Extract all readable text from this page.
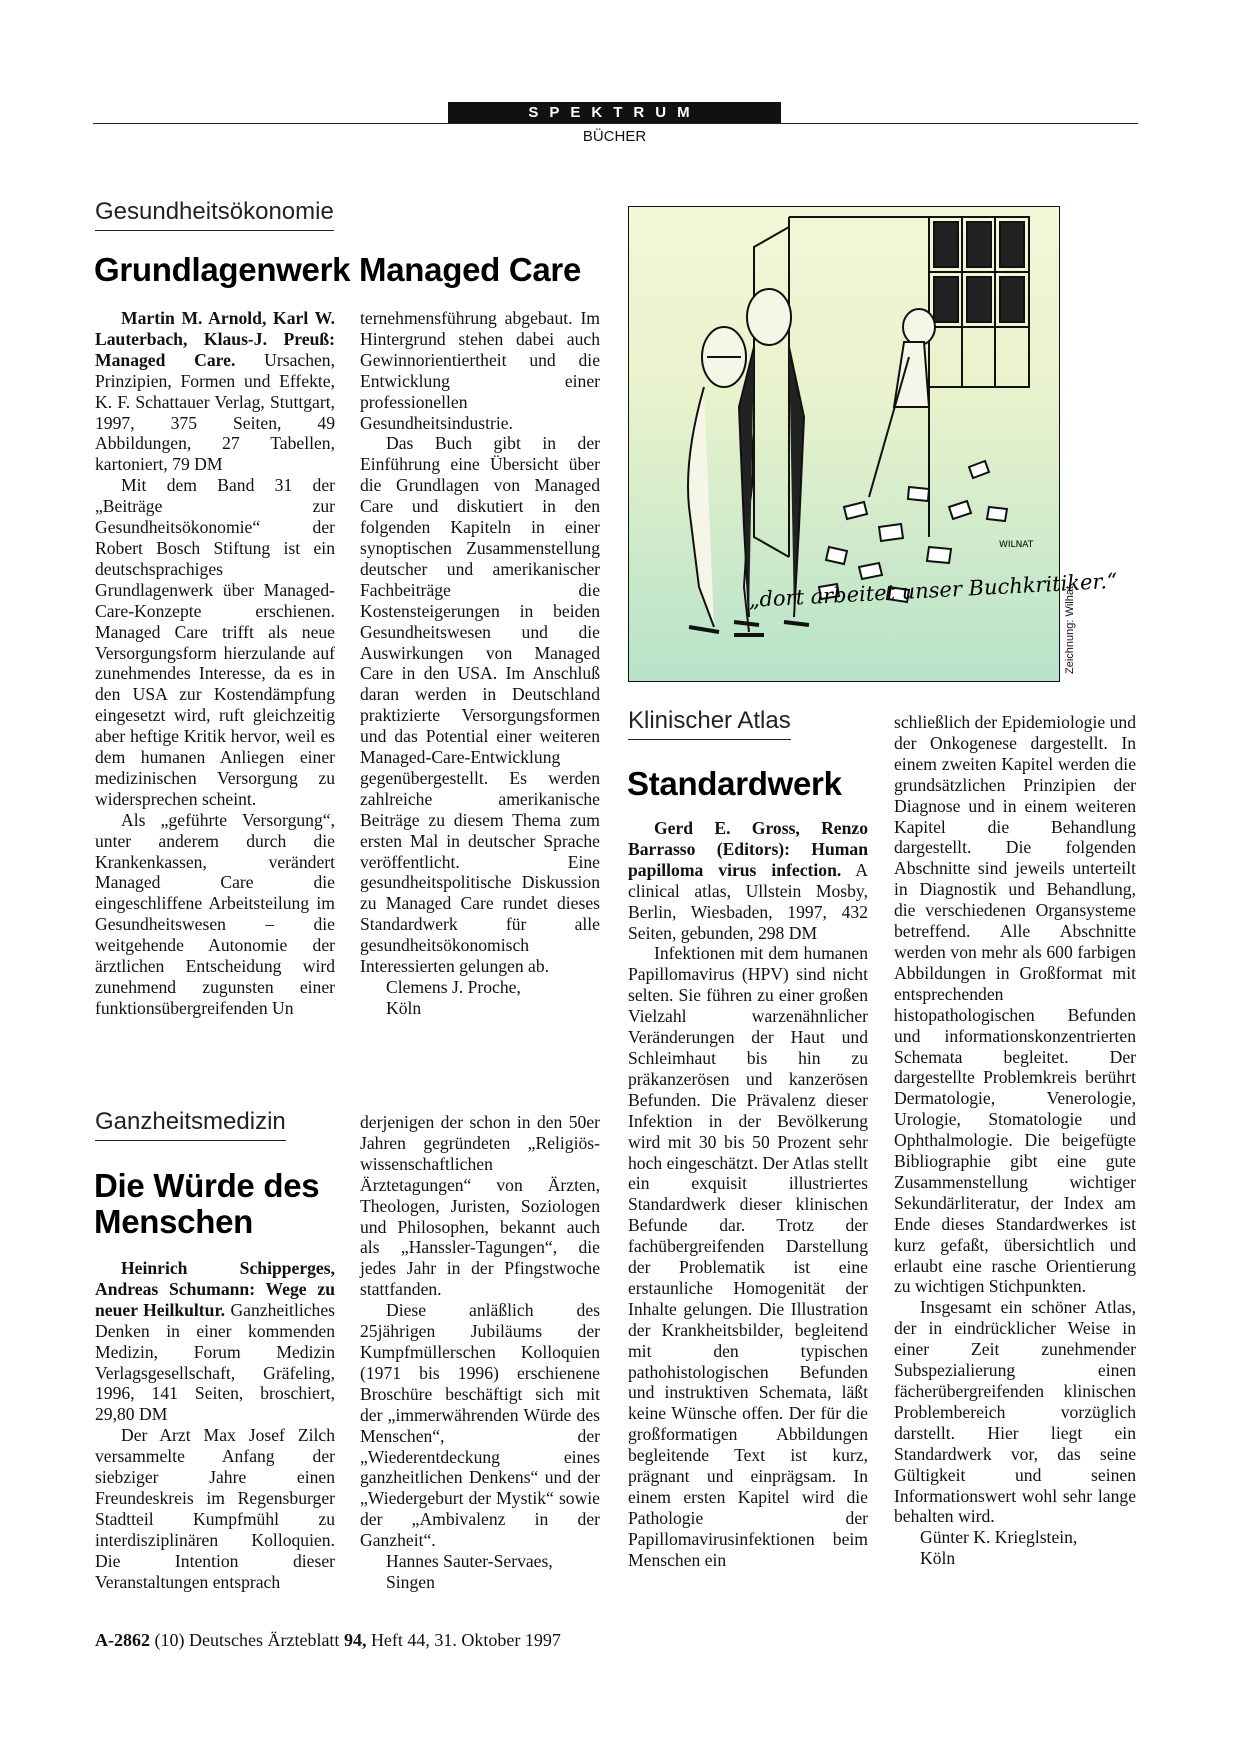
SPEKTRUM
BÜCHER
Gesundheitsökonomie
Grundlagenwerk Managed Care

Martin M. Arnold, Karl W. Lauterbach, Klaus-J. Preuß: Managed Care. Ursachen, Prinzipien, Formen und Effekte, K. F. Schattauer Verlag, Stuttgart, 1997, 375 Seiten, 49 Abbildungen, 27 Tabellen, kartoniert, 79 DM

Mit dem Band 31 der „Beiträge zur Gesundheitsökonomie“ der Robert Bosch Stiftung ist ein deutschsprachiges Grundlagenwerk über Managed-Care-Konzepte erschienen. Managed Care trifft als neue Versorgungsform hierzulande auf zunehmendes Interesse, da es in den USA zur Kostendämpfung eingesetzt wird, ruft gleichzeitig aber heftige Kritik hervor, weil es dem humanen Anliegen einer medizinischen Versorgung zu widersprechen scheint.

Als „geführte Versorgung“, unter anderem durch die Krankenkassen, verändert Managed Care die eingeschliffene Arbeitsteilung im Gesundheitswesen – die weitgehende Autonomie der ärztlichen Entscheidung wird zunehmend zugunsten einer funktionsübergreifenden Un

ternehmensführung abgebaut. Im Hintergrund stehen dabei auch Gewinnorientiertheit und die Entwicklung einer professionellen Gesundheitsindustrie.

Das Buch gibt in der Einführung eine Übersicht über die Grundlagen von Managed Care und diskutiert in den folgenden Kapiteln in einer synoptischen Zusammenstellung deutscher und amerikanischer Fachbeiträge die Kostensteigerungen in beiden Gesundheitswesen und die Auswirkungen von Managed Care in den USA. Im Anschluß daran werden in Deutschland praktizierte Versorgungsformen und das Potential einer weiteren Managed-Care-Entwicklung gegenübergestellt. Es werden zahlreiche amerikanische Beiträge zu diesem Thema zum ersten Mal in deutscher Sprache veröffentlicht. Eine gesundheitspolitische Diskussion zu Managed Care rundet dieses Standardwerk für alle gesundheitsökonomisch Interessierten gelungen ab.

Clemens J. Proche,
Köln
Ganzheitsmedizin
Die Würde des
Menschen

Heinrich Schipperges, Andreas Schumann: Wege zu neuer Heilkultur. Ganzheitliches Denken in einer kommenden Medizin, Forum Medizin Verlagsgesellschaft, Gräfeling, 1996, 141 Seiten, broschiert, 29,80 DM

Der Arzt Max Josef Zilch versammelte Anfang der siebziger Jahre einen Freundeskreis im Regensburger Stadtteil Kumpfmühl zu interdisziplinären Kolloquien. Die Intention dieser Veranstaltungen entsprach

derjenigen der schon in den 50er Jahren gegründeten „Religiös-wissenschaftlichen Ärztetagungen“ von Ärzten, Theologen, Juristen, Soziologen und Philosophen, bekannt auch als „Hanssler-Tagungen“, die jedes Jahr in der Pfingstwoche stattfanden.

Diese anläßlich des 25jährigen Jubiläums der Kumpfmüllerschen Kolloquien (1971 bis 1996) erschienene Broschüre beschäftigt sich mit der „immerwährenden Würde des Menschen“, der „Wiederentdeckung eines ganzheitlichen Denkens“ und der „Wiedergeburt der Mystik“ sowie der „Ambivalenz in der Ganzheit“.

Hannes Sauter-Servaes,
Singen
WILNAT
„dort arbeitet unser Buchkritiker.“
Zeichnung: Wilhat
Klinischer Atlas
Standardwerk

Gerd E. Gross, Renzo Barrasso (Editors): Human papilloma virus infection. A clinical atlas, Ullstein Mosby, Berlin, Wiesbaden, 1997, 432 Seiten, gebunden, 298 DM

Infektionen mit dem humanen Papillomavirus (HPV) sind nicht selten. Sie führen zu einer großen Vielzahl warzenähnlicher Veränderungen der Haut und Schleimhaut bis hin zu präkanzerösen und kanzerösen Befunden. Die Prävalenz dieser Infektion in der Bevölkerung wird mit 30 bis 50 Prozent sehr hoch eingeschätzt. Der Atlas stellt ein exquisit illustriertes Standardwerk dieser klinischen Befunde dar. Trotz der fachübergreifenden Darstellung der Problematik ist eine erstaunliche Homogenität der Inhalte gelungen. Die Illustration der Krankheitsbilder, begleitend mit den typischen pathohistologischen Befunden und instruktiven Schemata, läßt keine Wünsche offen. Der für die großformatigen Abbildungen begleitende Text ist kurz, prägnant und einprägsam. In einem ersten Kapitel wird die Pathologie der Papillomavirusinfektionen beim Menschen ein

schließlich der Epidemiologie und der Onkogenese dargestellt. In einem zweiten Kapitel werden die grundsätzlichen Prinzipien der Diagnose und in einem weiteren Kapitel die Behandlung dargestellt. Die folgenden Abschnitte sind jeweils unterteilt in Diagnostik und Behandlung, die verschiedenen Organsysteme betreffend. Alle Abschnitte werden von mehr als 600 farbigen Abbildungen in Großformat mit entsprechenden histopathologischen Befunden und informationskonzentrierten Schemata begleitet. Der dargestellte Problemkreis berührt Dermatologie, Venerologie, Urologie, Stomatologie und Ophthalmologie. Die beigefügte Bibliographie gibt eine gute Zusammenstellung wichtiger Sekundärliteratur, der Index am Ende dieses Standardwerkes ist kurz gefaßt, übersichtlich und erlaubt eine rasche Orientierung zu wichtigen Stichpunkten.

Insgesamt ein schöner Atlas, der in eindrücklicher Weise in einer Zeit zunehmender Subspezialierung einen fächerübergreifenden klinischen Problembereich vorzüglich darstellt. Hier liegt ein Standardwerk vor, das seine Gültigkeit und seinen Informationswert wohl sehr lange behalten wird.

Günter K. Krieglstein,
Köln
A-2862 (10) Deutsches Ärzteblatt 94, Heft 44, 31. Oktober 1997
